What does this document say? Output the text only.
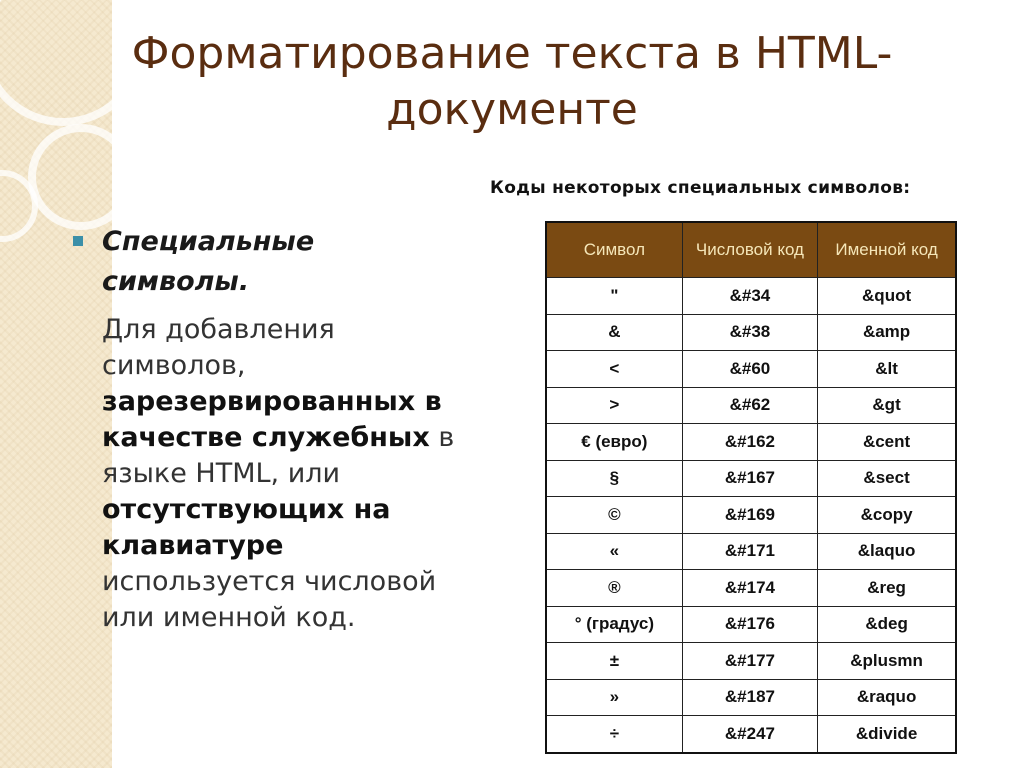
Форматирование текста в HTML-документе
Специальные символы.
Для добавления символов, зарезервированных в качестве служебных в языке HTML, или отсутствующих на клавиатуре используется числовой или именной код.
Коды некоторых специальных символов:
Символ	Числовой код	Именной код
"	&#34	&quot
&	&#38	&amp
<	&#60	&lt
>	&#62	&gt
€ (евро)	&#162	&cent
§	&#167	&sect
©	&#169	&copy
«	&#171	&laquo
®	&#174	&reg
° (градус)	&#176	&deg
±	&#177	&plusmn
»	&#187	&raquo
÷	&#247	&divide
